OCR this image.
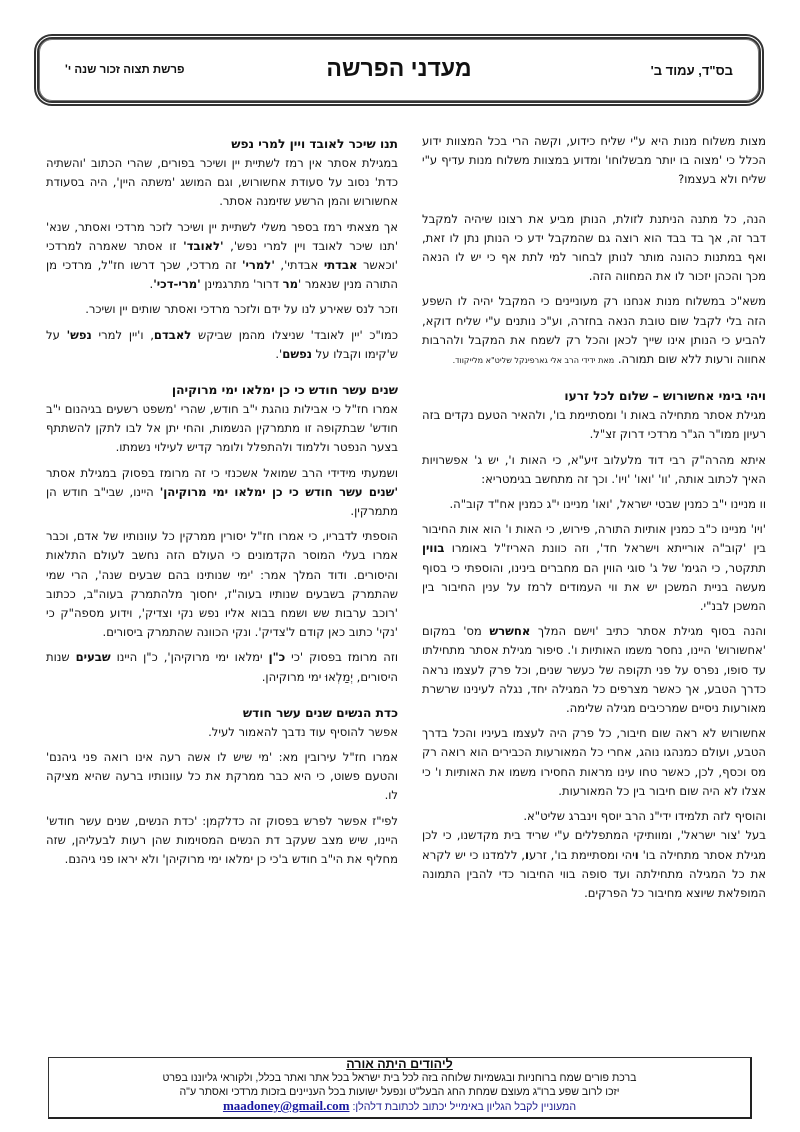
בס"ד, עמוד ב'
מעדני הפרשה
פרשת תצוה זכור שנה י'

מצות משלוח מנות היא ע"י שליח כידוע, וקשה הרי בכל המצוות ידוע הכלל כי 'מצוה בו יותר מבשלוחו' ומדוע במצוות משלוח מנות עדיף ע"י שליח ולא בעצמו?

הנה, כל מתנה הניתנת לזולת, הנותן מביע את רצונו שיהיה למקבל דבר זה, אך בד בבד הוא רוצה גם שהמקבל ידע כי הנותן נתן לו זאת, ואף במתנות כהונה מותר לנותן לבחור למי לתת אף כי יש לו הנאה מכך והכהן יזכור לו את המחווה הזה.

משא"כ במשלוח מנות אנחנו רק מעוניינים כי המקבל יהיה לו השפע הזה בלי לקבל שום טובת הנאה בחזרה, וע"כ נותנים ע"י שליח דוקא, להביע כי הנותן אינו שייך לכאן והכל רק לשמח את המקבל ולהרבות אחווה ורעות ללא שום תמורה. מאת ידידי הרב אלי גארפינקל שליט"א מלייקווד.

ויהי בימי אחשורוש – שלום לכל זרעו

מגילת אסתר מתחילה באות ו' ומסתיימת בו', ולהאיר הטעם נקדים בזה רעיון ממו"ר הג"ר מרדכי דרוק זצ"ל.

איתא מהרה"ק רבי דוד מלעלוב זיע"א, כי האות ו', יש ג' אפשרויות האיך לכתוב אותה, 'וו' 'ואו' 'ויו'. וכך זה מתחשב בגימטריא:

וו מניינו י"ב כמנין שבטי ישראל, 'ואו' מניינו י"ג כמנין אח"ד קוב"ה.

'ויו' מניינו כ"ב כמנין אותיות התורה, פירוש, כי האות ו' הוא אות החיבור בין 'קוב"ה אורייתא וישראל חד', וזה כוונת האריז"ל באומרו בווין תתקטר, כי הגימ' של ג' סוגי הווין הם מחברים בינינו, והוספתי כי בסוף מעשה בניית המשכן יש את ווי העמודים לרמז על ענין החיבור בין המשכן לבנ"י.

והנה בסוף מגילת אסתר כתיב 'וישם המלך אחשרש מס' במקום 'אחשורוש' היינו, נחסר משמו האותיות ו'. סיפור מגילת אסתר מתחילתו עד סופו, נפרס על פני תקופה של כעשר שנים, וכל פרק לעצמו נראה כדרך הטבע, אך כאשר מצרפים כל המגילה יחד, נגלה לעינינו שרשרת מאורעות ניסיים שמרכיבים מגילה שלימה.

אחשורוש לא ראה שום חיבור, כל פרק היה לעצמו בעיניו והכל בדרך הטבע, ועולם כמנהגו נוהג, אחרי כל המאורעות הכבירים הוא רואה רק מס וכסף, לכן, כאשר טחו עינו מראות החסירו משמו את האותיות ו' כי אצלו לא היה שום חיבור בין כל המאורעות.

והוסיף לזה תלמידו ידי"נ הרב יוסף וינברג שליט"א.

בעל 'צור ישראל', ומוותיקי המתפללים ע"י שריד בית מקדשנו, כי לכן מגילת אסתר מתחילה בו' ויהי ומסתיימת בו', זרעו, ללמדנו כי יש לקרא את כל המגילה מתחילתה ועד סופה בווי החיבור כדי להבין התמונה המופלאת שיוצא מחיבור כל הפרקים.

תנו שיכר לאובד ויין למרי נפש

במגילת אסתר אין רמז לשתיית יין ושיכר בפורים, שהרי הכתוב 'והשתיה כדת' נסוב על סעודת אחשורוש, וגם המושג 'משתה היין', היה בסעודת אחשורוש והמן הרשע שזימנה אסתר.

אך מצאתי רמז בספר משלי לשתיית יין ושיכר לזכר מרדכי ואסתר, שנא' 'תנו שיכר לאובד ויין למרי נפש', 'לאובד' זו אסתר שאמרה למרדכי 'וכאשר אבדתי אבדתי', 'למרי' זה מרדכי, שכך דרשו חז"ל, מרדכי מן התורה מנין שנאמר 'מר דרור' מתרגמינן 'מרי-דכי'.

וזכר לנס שאירע לנו על ידם ולזכר מרדכי ואסתר שותים יין ושיכר.

כמו"כ 'יין לאובד' שניצלו מהמן שביקש לאבדם, ו'יין למרי נפש' על ש'קימו וקבלו על נפשם'.

שנים עשר חודש כי כן ימלאו ימי מרוקיהן

אמרו חז"ל כי אבילות נוהגת י"ב חודש, שהרי 'משפט רשעים בגיהנום י"ב חודש' שבתקופה זו מתמרקין הנשמות, והחי יתן אל לבו לתקן להשתתף בצער הנפטר וללמוד ולהתפלל ולומר קדיש לעילוי נשמתו.

ושמעתי מידידי הרב שמואל אשכנזי כי זה מרומז בפסוק במגילת אסתר 'שנים עשר חודש כי כן ימלאו ימי מרוקיהן' היינו, שבי"ב חודש הן מתמרקין.

הוספתי לדבריו, כי אמרו חז"ל יסורין ממרקין כל עוונותיו של אדם, וכבר אמרו בעלי המוסר הקדמונים כי העולם הזה נחשב לעולם התלאות והיסורים. ודוד המלך אמר: 'ימי שנותינו בהם שבעים שנה', הרי שמי שהתמרק בשבעים שנותיו בעוה"ז, יחסוך מלהתמרק בעוה"ב, ככתוב 'רוכב ערבות שש ושמח בבוא אליו נפש נקי וצדיק', וידוע מספה"ק כי 'נקי' כתוב כאן קודם ל'צדיק'. ונקי הכוונה שהתמרק ביסורים.

וזה מרומז בפסוק 'כי כ"ן ימלאו ימי מרוקיהן', כ"ן היינו שבעים שנות היסורים, יְמַלְאוּ ימי מרוקיהן.

כדת הנשים שנים עשר חודש

אפשר להוסיף עוד נדבך להאמור לעיל.

אמרו חז"ל עירובין מא: 'מי שיש לו אשה רעה אינו רואה פני גיהנם' והטעם פשוט, כי היא כבר ממרקת את כל עוונותיו ברעה שהיא מציקה לו.

לפי"ז אפשר לפרש בפסוק זה כדלקמן: 'כדת הנשים, שנים עשר חודש' היינו, שיש מצב שעקב דת הנשים המסוימות שהן רעות לבעליהן, שזה מחליף את הי"ב חודש ב'כי כן ימלאו ימי מרוקיהן' ולא יראו פני גיהנם.

ליהודים היתה אורה
ברכת פורים שמח ברוחניות ובגשמיות שלוחה בזה לכל בית ישראל בכל אתר ואתר בכלל, ולקוראי גליוננו בפרט
יזכו לרוב שפע ברו"ג מעוצם שמחת החג הבעל"ט ונפעל ישועות בכל העניינים בזכות מרדכי ואסתר ע"ה
המעוניין לקבל הגליון באימייל יכתוב לכתובת דלהלן: maadoney@gmail.com
